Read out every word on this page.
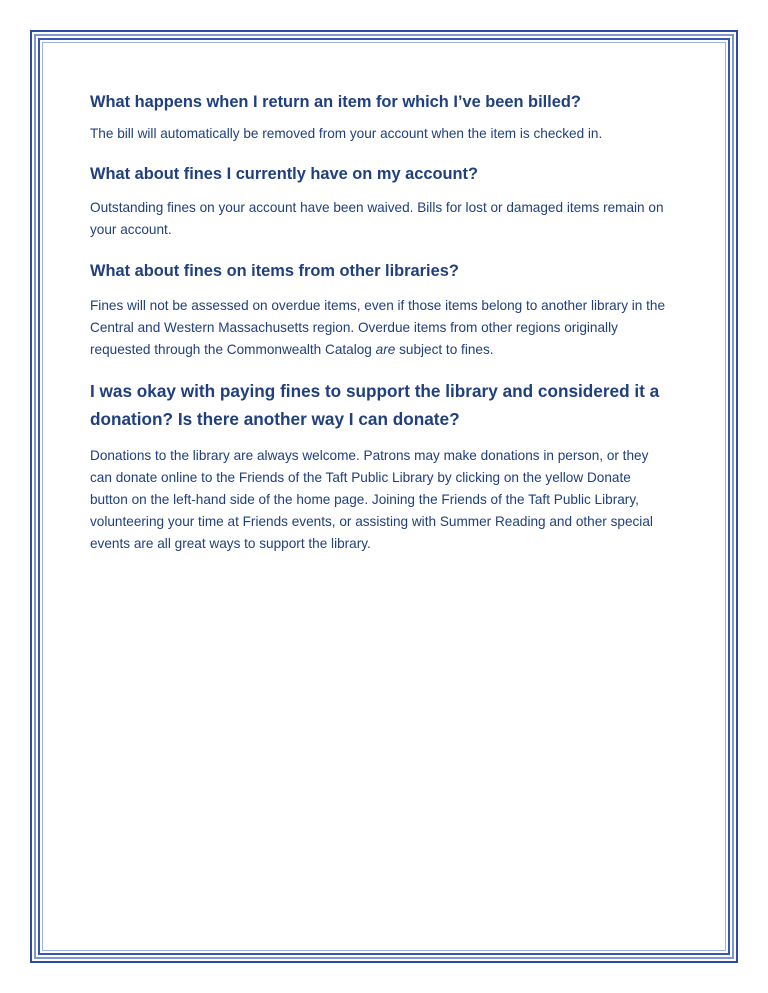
What happens when I return an item for which I’ve been billed?

The bill will automatically be removed from your account when the item is checked in.

What about fines I currently have on my account?

Outstanding fines on your account have been waived. Bills for lost or damaged items remain on your account.

What about fines on items from other libraries?

Fines will not be assessed on overdue items, even if those items belong to another library in the Central and Western Massachusetts region. Overdue items from other regions originally requested through the Commonwealth Catalog are subject to fines.

I was okay with paying fines to support the library and considered it a donation? Is there another way I can donate?

Donations to the library are always welcome. Patrons may make donations in person, or they can donate online to the Friends of the Taft Public Library by clicking on the yellow Donate button on the left-hand side of the home page. Joining the Friends of the Taft Public Library, volunteering your time at Friends events, or assisting with Summer Reading and other special events are all great ways to support the library.
